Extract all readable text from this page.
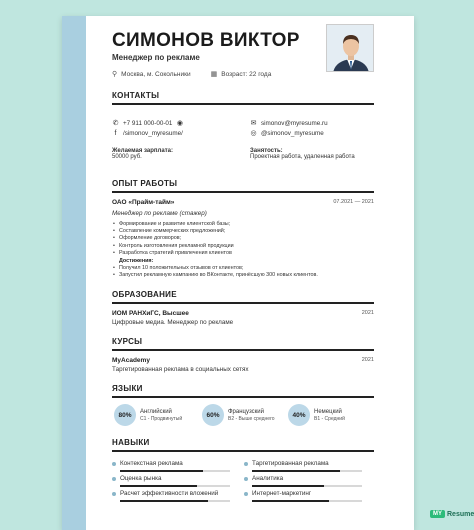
СИМОНОВ ВИКТОР
Менеджер по рекламе
⚲ Москва, м. Сокольники	▦ Возраст: 22 года
КОНТАКТЫ
✆ +7 911 000-00-01 ◉	✉ simonov@myresume.ru
f	/simonov_myresume/	◎ @simonov_myresume
Желаемая зарплата:
50000 руб.
Занятость:
Проектная работа, удаленная работа
ОПЫТ РАБОТЫ
ОАО «Прайм-тайм»	07.2021 — 2021
Менеджер по рекламе (стажер)
• Формирование и развитие клиентской базы;
• Составление коммерческих предложений;
• Оформление договоров;
• Контроль изготовления рекламной продукции
• Разработка стратегий привлечения клиентов
Достижения:
• Получил 10 положительных отзывов от клиентов;
• Запустил рекламную кампанию во ВКонтакте, принёсшую 300 новых клиентов.
ОБРАЗОВАНИЕ
ИОМ РАНХиГС, Высшее	2021
Цифровые медиа. Менеджер по рекламе
КУРСЫ
MyAcademy	2021
Таргетированная реклама в социальных сетях
ЯЗЫКИ
80%	Английский
C1 - Продвинутый
60%	Французский
B2 - Выше среднего
40%	Немецкий
B1 - Средний
НАВЫКИ
Контекстная реклама	Таргетированная реклама
Оценка рынка	Аналитика
Расчет эффективности вложений	Интернет-маркетинг
MY Resume
